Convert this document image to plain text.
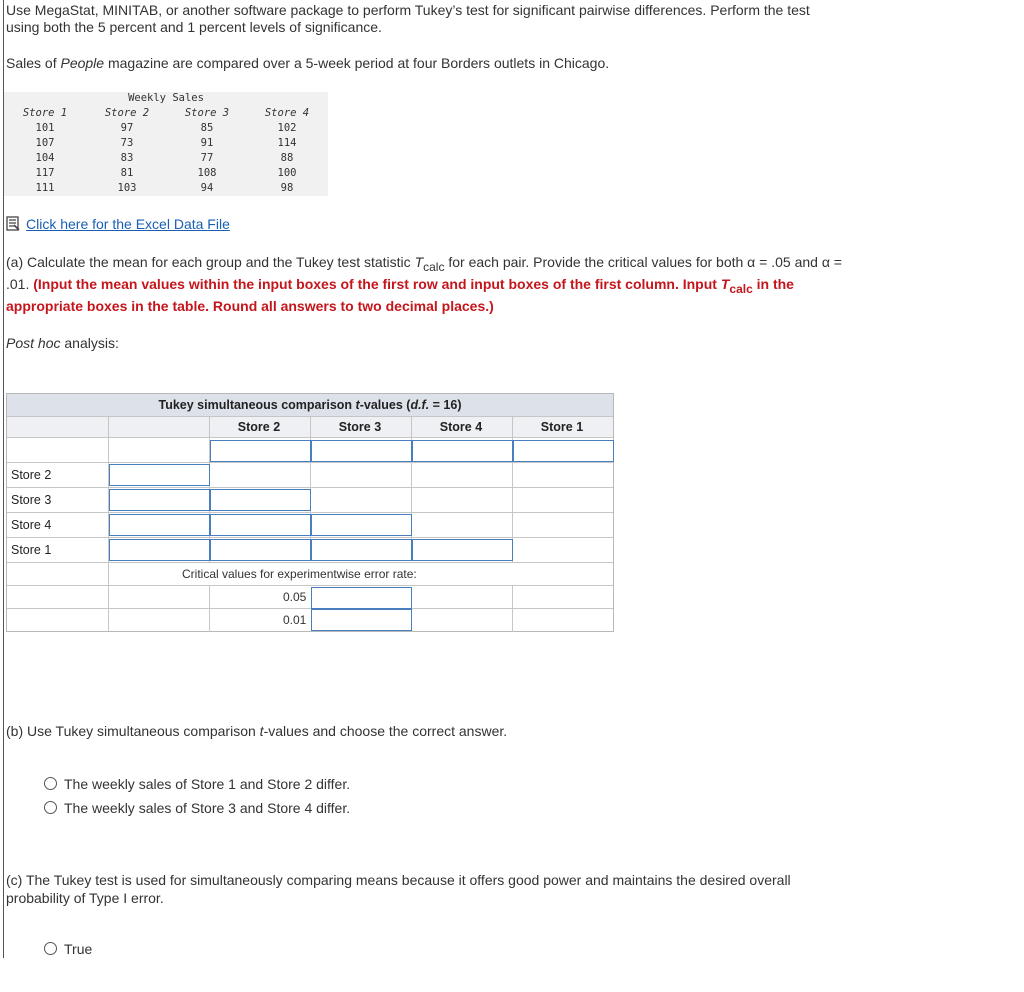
Use MegaStat, MINITAB, or another software package to perform Tukey’s test for significant pairwise differences. Perform the test

using both the 5 percent and 1 percent levels of significance.

Sales of People magazine are compared over a 5-week period at four Borders outlets in Chicago.

Weekly Sales
Store 1	Store 2	Store 3	Store 4
101	97	85	102
107	73	91	114
104	83	77	88
117	81	108	100
111	103	94	98
Click here for the Excel Data File

(a) Calculate the mean for each group and the Tukey test statistic $T_{calc}$ for each pair. Provide the critical values for both α = .05 and α =

.01. (Input the mean values within the input boxes of the first row and input boxes of the first column. Input $T_{calc}$ in the

appropriate boxes in the table. Round all answers to two decimal places.)

Post hoc analysis:

Tukey simultaneous comparison t-values (d.f. = 16)
Store 2	Store 3	Store 4	Store 1
Store 2
Store 3
Store 4
Store 1
Critical values for experimentwise error rate:
0.05
0.01

(b) Use Tukey simultaneous comparison t-values and choose the correct answer.

The weekly sales of Store 1 and Store 2 differ.
The weekly sales of Store 3 and Store 4 differ.

(c) The Tukey test is used for simultaneously comparing means because it offers good power and maintains the desired overall

probability of Type I error.

True
